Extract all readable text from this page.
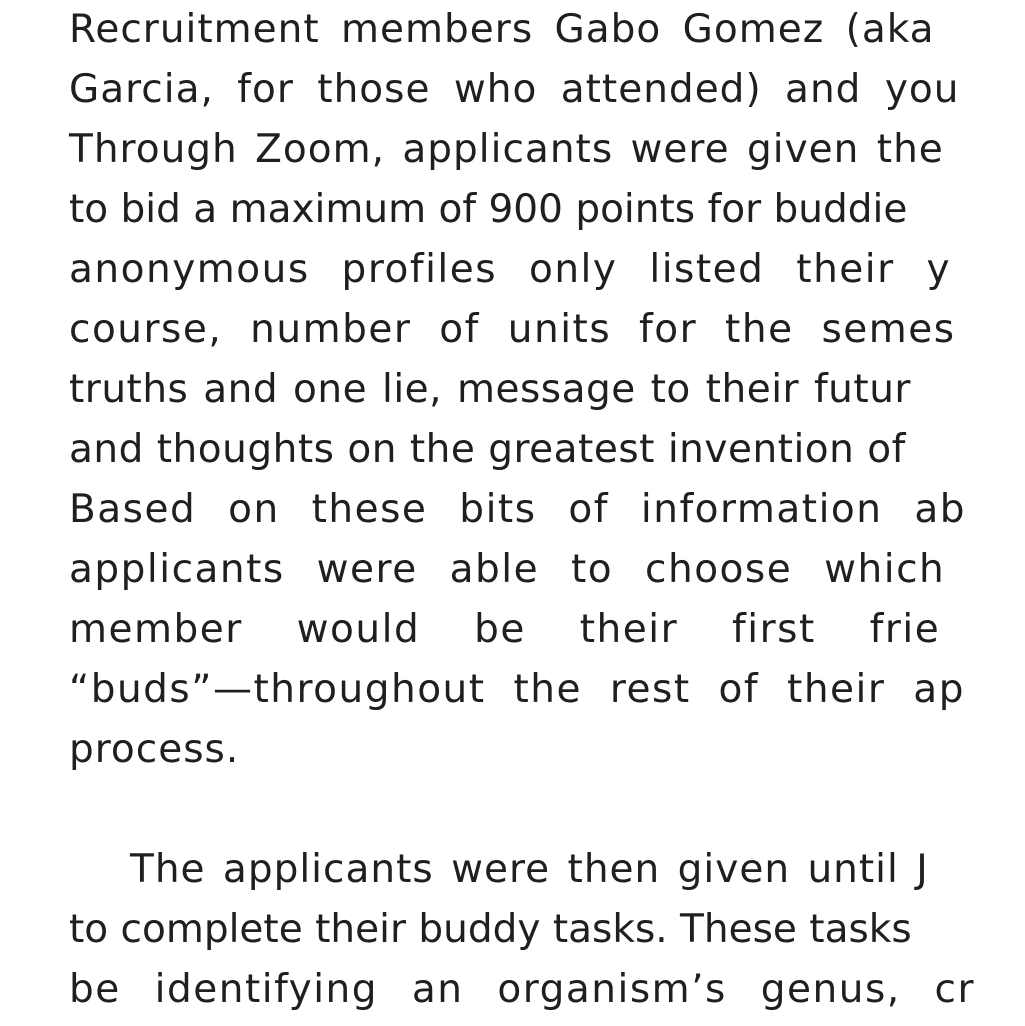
Recruitment members Gabo Gomez (aka
Garcia, for those who attended) and you
Through Zoom, applicants were given the
to bid a maximum of 900 points for buddie
anonymous profiles only listed their y
course, number of units for the semes
truths and one lie, message to their futur
and thoughts on the greatest invention of
Based on these bits of information ab
applicants were able to choose which
member would be their first frie
“buds”—throughout the rest of their ap
process.
The applicants were then given until J
to complete their buddy tasks. These tasks
be identifying an organism’s genus, cr
